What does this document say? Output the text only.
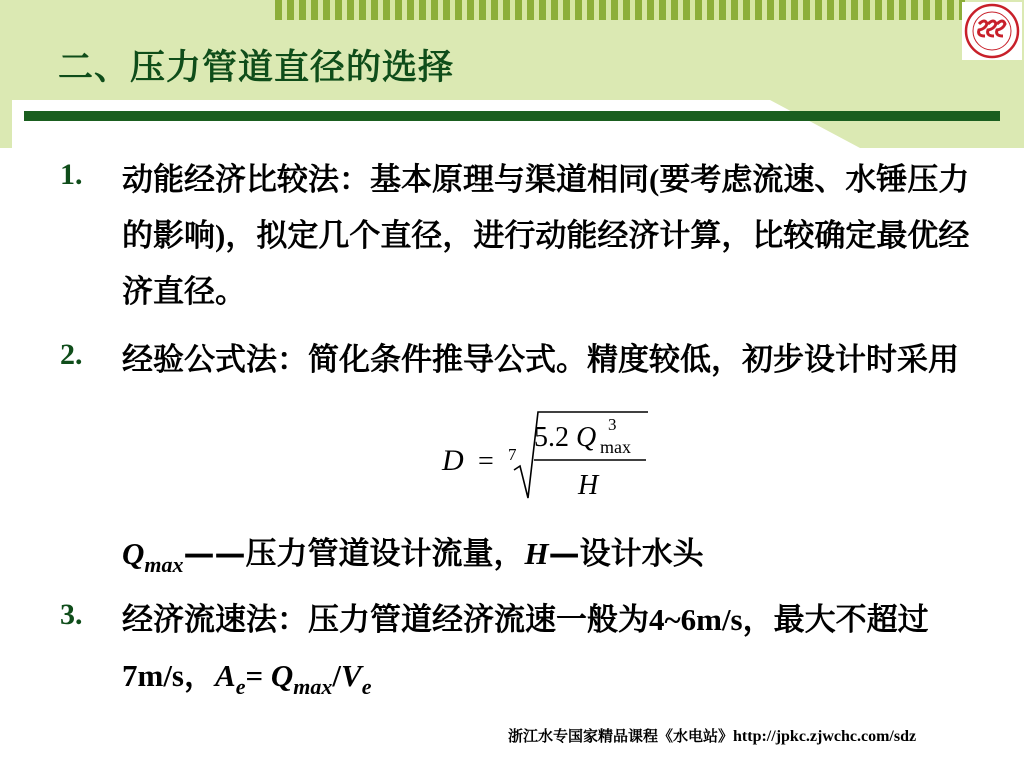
二、压力管道直径的选择
1. 动能经济比较法：基本原理与渠道相同(要考虑流速、水锤压力的影响)，拟定几个直径，进行动能经济计算，比较确定最优经济直径。

2. 经验公式法：简化条件推导公式。精度较低，初步设计时采用

D = 7
5.2 Q 3
max
H
$Q_{max}——$压力管道设计流量，H—设计水头
3. 经济流速法：压力管道经济流速一般为4~6m/s，最大不超过7m/s，$A_e= Q_{max}/V_e$

浙江水专国家精品课程《水电站》http://jpkc.zjwchc.com/sdz
